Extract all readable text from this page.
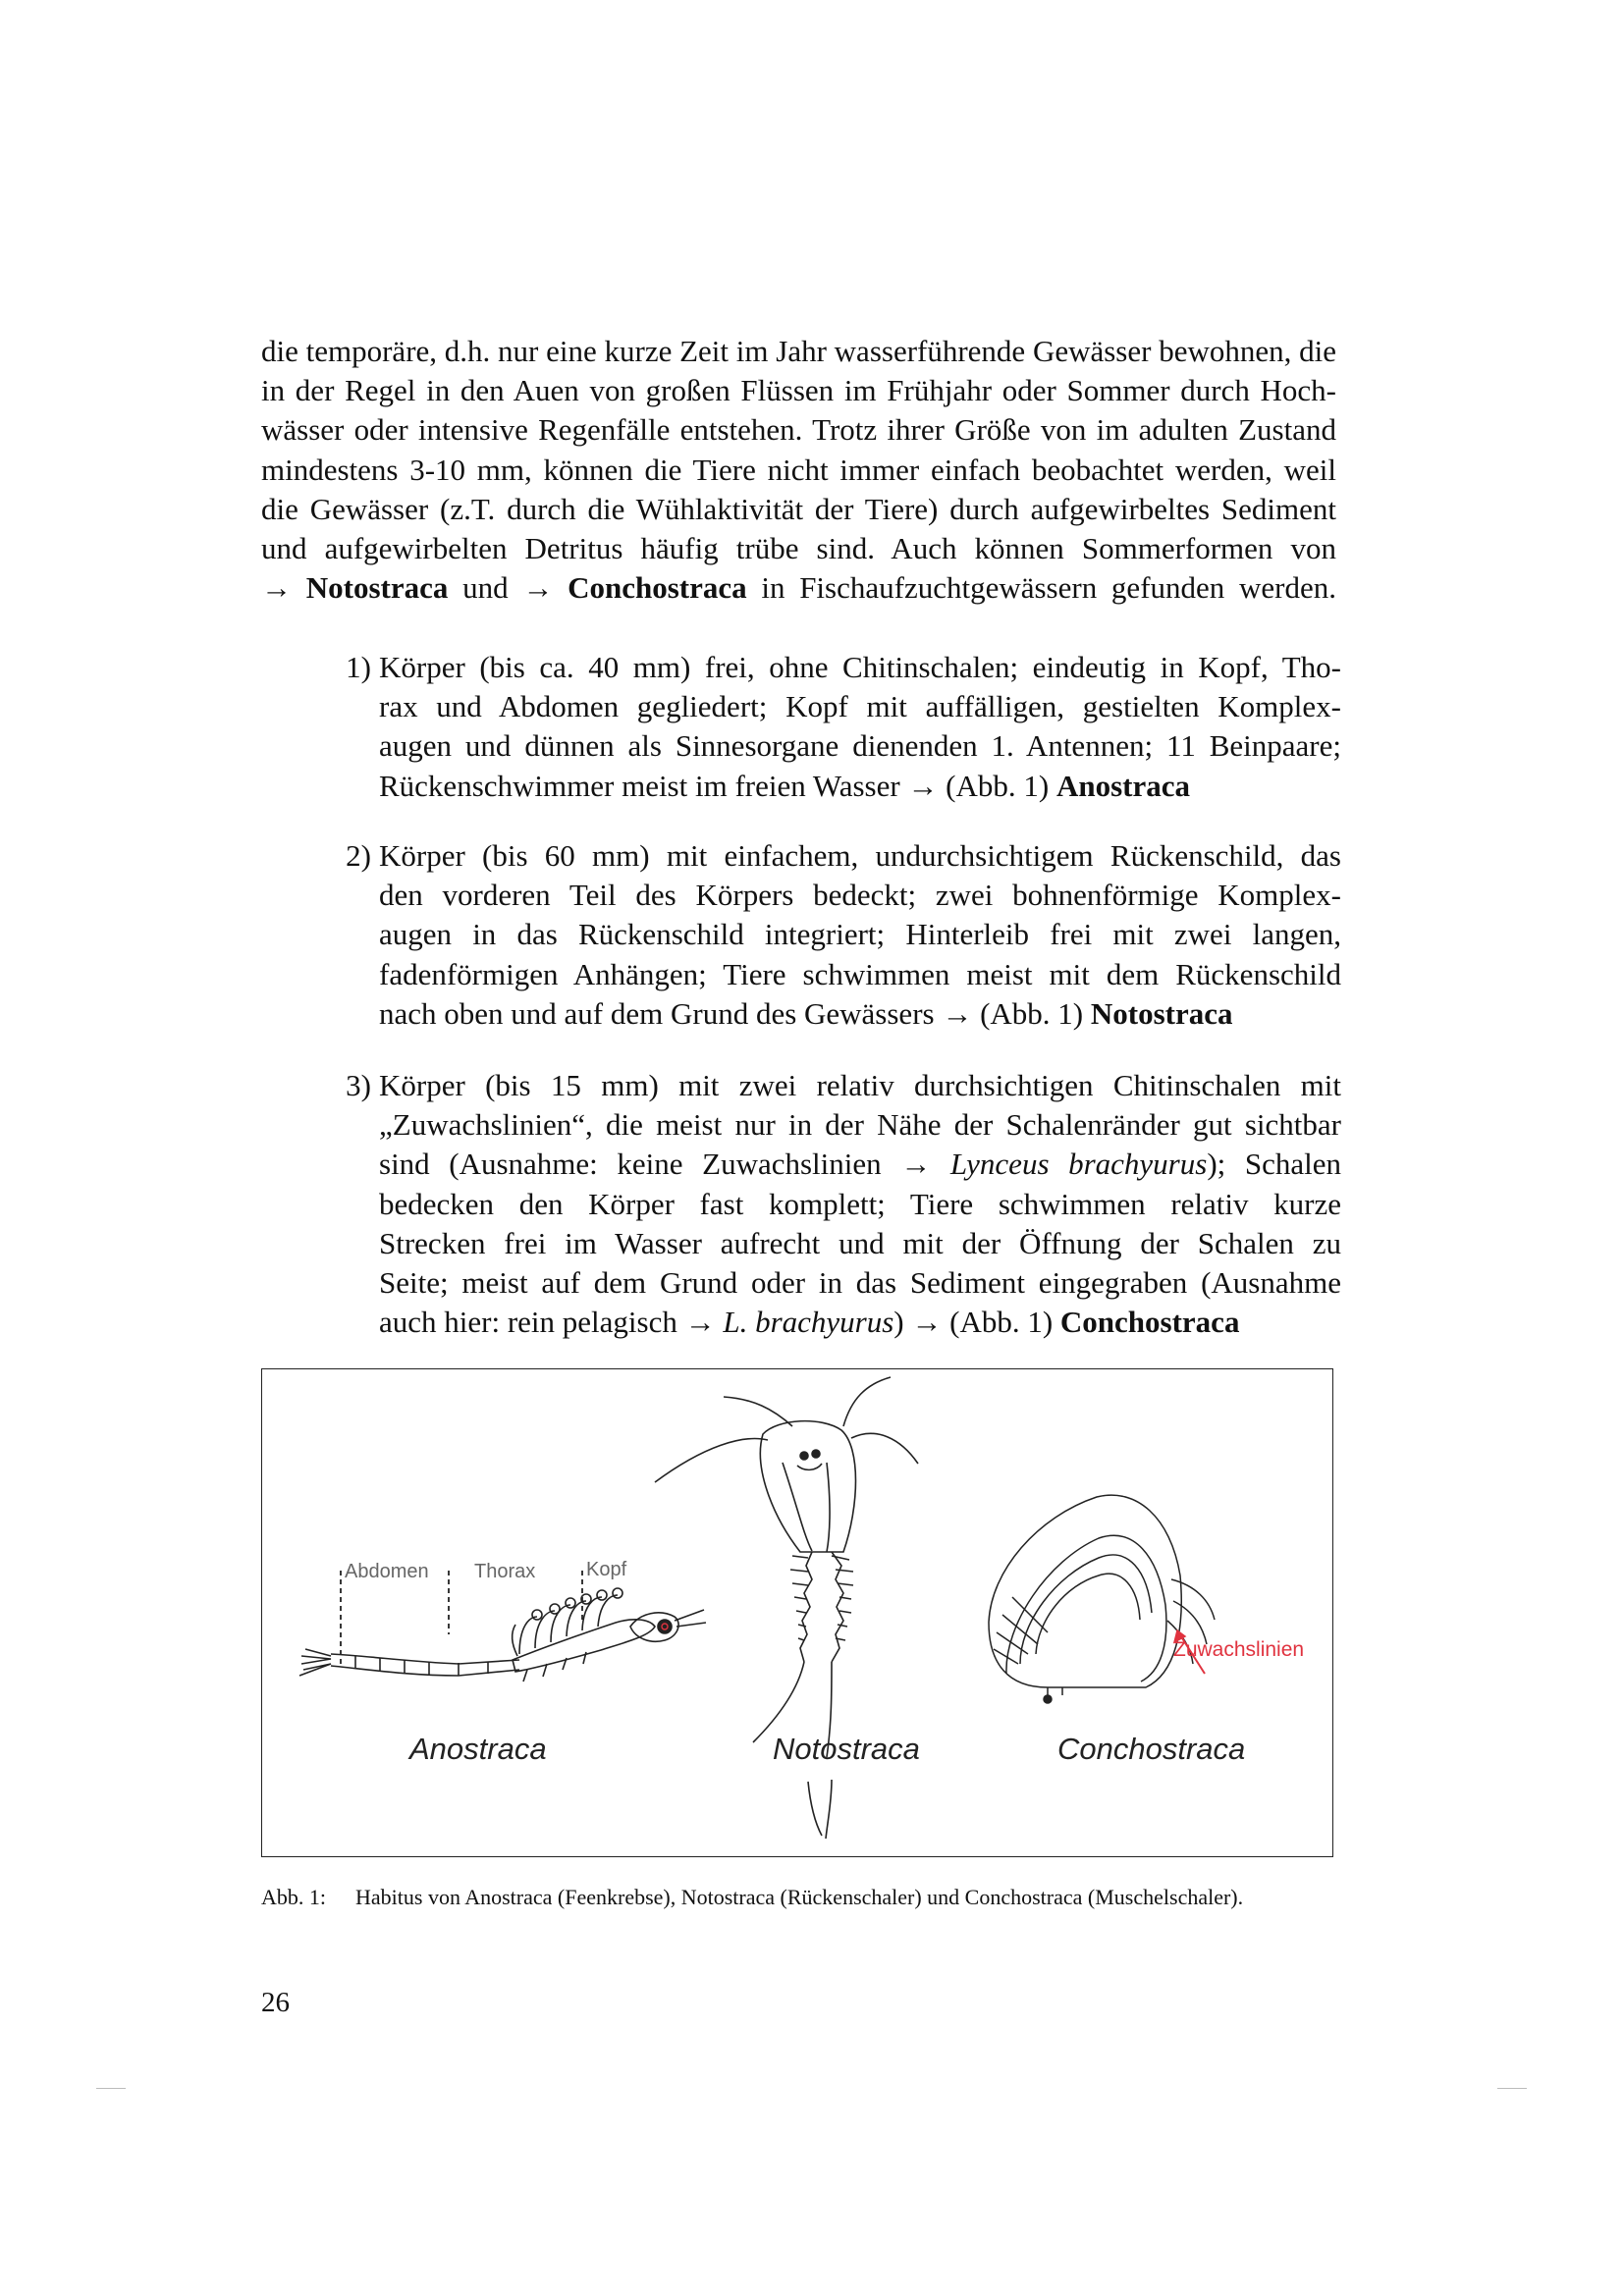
die temporäre, d.h. nur eine kurze Zeit im Jahr wasserführende Gewässer bewohnen, die
in der Regel in den Auen von großen Flüssen im Frühjahr oder Sommer durch Hoch-
wässer oder intensive Regenfälle entstehen. Trotz ihrer Größe von im adulten Zustand
mindestens 3-10 mm, können die Tiere nicht immer einfach beobachtet werden, weil
die Gewässer (z.T. durch die Wühlaktivität der Tiere) durch aufgewirbeltes Sediment
und aufgewirbelten Detritus häufig trübe sind. Auch können Sommerformen von
→ Notostraca und → Conchostraca in Fischaufzuchtgewässern gefunden werden.
1) Körper (bis ca. 40 mm) frei, ohne Chitinschalen; eindeutig in Kopf, Tho-
rax und Abdomen gegliedert; Kopf mit auffälligen, gestielten Komplex-
augen und dünnen als Sinnesorgane dienenden 1. Antennen; 11 Beinpaare;
Rückenschwimmer meist im freien Wasser → (Abb. 1) Anostraca
2) Körper (bis 60 mm) mit einfachem, undurchsichtigem Rückenschild, das
den vorderen Teil des Körpers bedeckt; zwei bohnenförmige Komplex-
augen in das Rückenschild integriert; Hinterleib frei mit zwei langen,
fadenförmigen Anhängen; Tiere schwimmen meist mit dem Rückenschild
nach oben und auf dem Grund des Gewässers → (Abb. 1) Notostraca
3) Körper (bis 15 mm) mit zwei relativ durchsichtigen Chitinschalen mit
„Zuwachslinien“, die meist nur in der Nähe der Schalenränder gut sichtbar
sind (Ausnahme: keine Zuwachslinien → Lynceus brachyurus); Schalen
bedecken den Körper fast komplett; Tiere schwimmen relativ kurze
Strecken frei im Wasser aufrecht und mit der Öffnung der Schalen zu
Seite; meist auf dem Grund oder in das Sediment eingegraben (Ausnahme
auch hier: rein pelagisch → L. brachyurus) → (Abb. 1) Conchostraca
Abdomen Thorax	Kopf
Anostraca	Notostraca
Zuwachslinien
Conchostraca
Abb. 1: Habitus von Anostraca (Feenkrebse), Notostraca (Rückenschaler) und Conchostraca (Muschelschaler).
26
